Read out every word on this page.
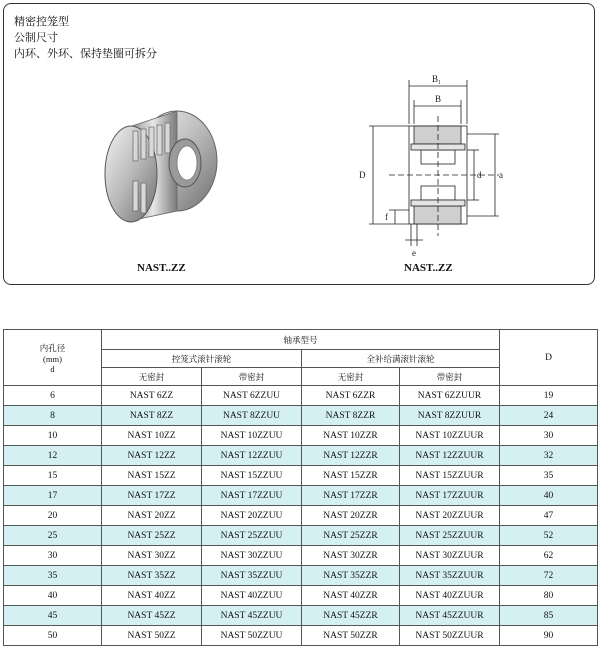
精密控笼型
公制尺寸
内环、外环、保持垫圈可拆分
NAST..ZZ
B₁
B
D	d a
f
e
NAST..ZZ
内孔径
(mm)
d	轴承型号				D
	控笼式滚针滚轮		全补给满滚针滚轮		
	无密封	带密封	无密封	带密封	
6	NAST 6ZZ	NAST 6ZZUU	NAST 6ZZR	NAST 6ZZUUR	19
8	NAST 8ZZ	NAST 8ZZUU	NAST 8ZZR	NAST 8ZZUUR	24
10	NAST 10ZZ	NAST 10ZZUU	NAST 10ZZR	NAST 10ZZUUR	30
12	NAST 12ZZ	NAST 12ZZUU	NAST 12ZZR	NAST 12ZZUUR	32
15	NAST 15ZZ	NAST 15ZZUU	NAST 15ZZR	NAST 15ZZUUR	35
17	NAST 17ZZ	NAST 17ZZUU	NAST 17ZZR	NAST 17ZZUUR	40
20	NAST 20ZZ	NAST 20ZZUU	NAST 20ZZR	NAST 20ZZUUR	47
25	NAST 25ZZ	NAST 25ZZUU	NAST 25ZZR	NAST 25ZZUUR	52
30	NAST 30ZZ	NAST 30ZZUU	NAST 30ZZR	NAST 30ZZUUR	62
35	NAST 35ZZ	NAST 35ZZUU	NAST 35ZZR	NAST 35ZZUUR	72
40	NAST 40ZZ	NAST 40ZZUU	NAST 40ZZR	NAST 40ZZUUR	80
45	NAST 45ZZ	NAST 45ZZUU	NAST 45ZZR	NAST 45ZZUUR	85
50	NAST 50ZZ	NAST 50ZZUU	NAST 50ZZR	NAST 50ZZUUR	90
